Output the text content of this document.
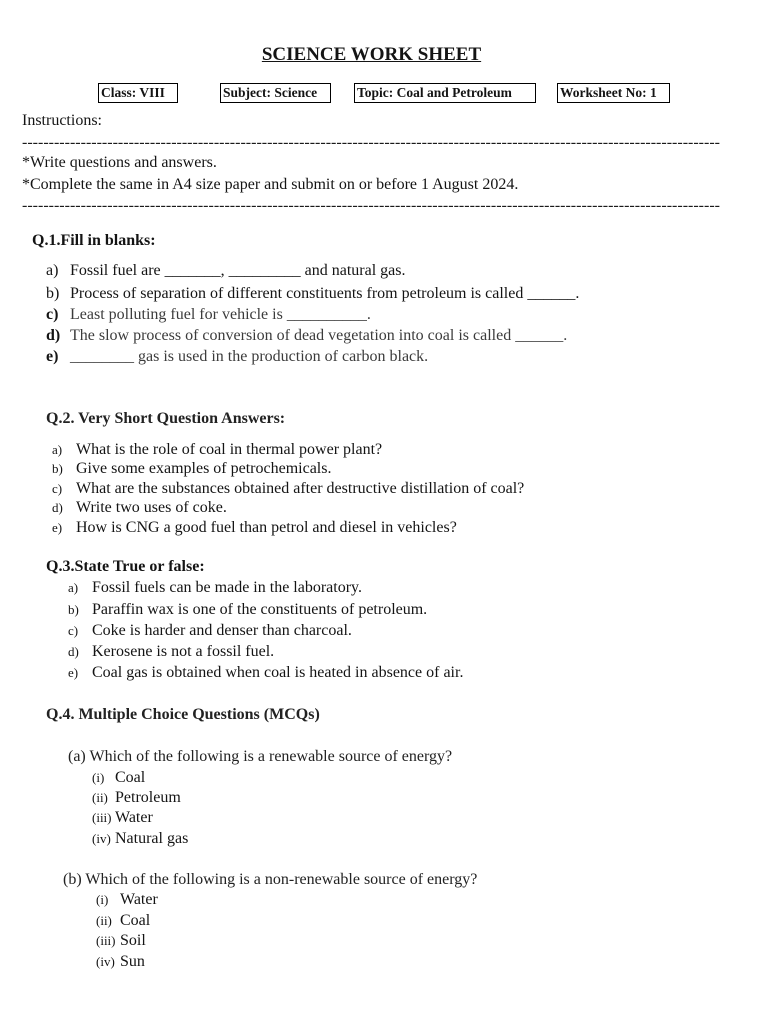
SCIENCE WORK SHEET
Class: VIII	Subject: Science	Topic: Coal and Petroleum	Worksheet No: 1
Instructions:
-----------------------------------------------------------------------------------------------------------------------------------
*Write questions and answers.
*Complete the same in A4 size paper and submit on or before 1 August 2024.
-----------------------------------------------------------------------------------------------------------------------------------
Q.1.Fill in blanks:
a) Fossil fuel are _______, _________ and natural gas.
b) Process of separation of different constituents from petroleum is called ______.
c) Least polluting fuel for vehicle is __________.
d) The slow process of conversion of dead vegetation into coal is called ______.
e) ________ gas is used in the production of carbon black.
Q.2. Very Short Question Answers:
a) What is the role of coal in thermal power plant?
b) Give some examples of petrochemicals.
c) What are the substances obtained after destructive distillation of coal?
d) Write two uses of coke.
e) How is CNG a good fuel than petrol and diesel in vehicles?
Q.3.State True or false:
a) Fossil fuels can be made in the laboratory.
b) Paraffin wax is one of the constituents of petroleum.
c) Coke is harder and denser than charcoal.
d) Kerosene is not a fossil fuel.
e) Coal gas is obtained when coal is heated in absence of air.
Q.4. Multiple Choice Questions (MCQs)
(a) Which of the following is a renewable source of energy?
(i) Coal
(ii) Petroleum
(iii) Water
(iv) Natural gas
(b) Which of the following is a non-renewable source of energy?
(i) Water
(ii) Coal
(iii) Soil
(iv) Sun
